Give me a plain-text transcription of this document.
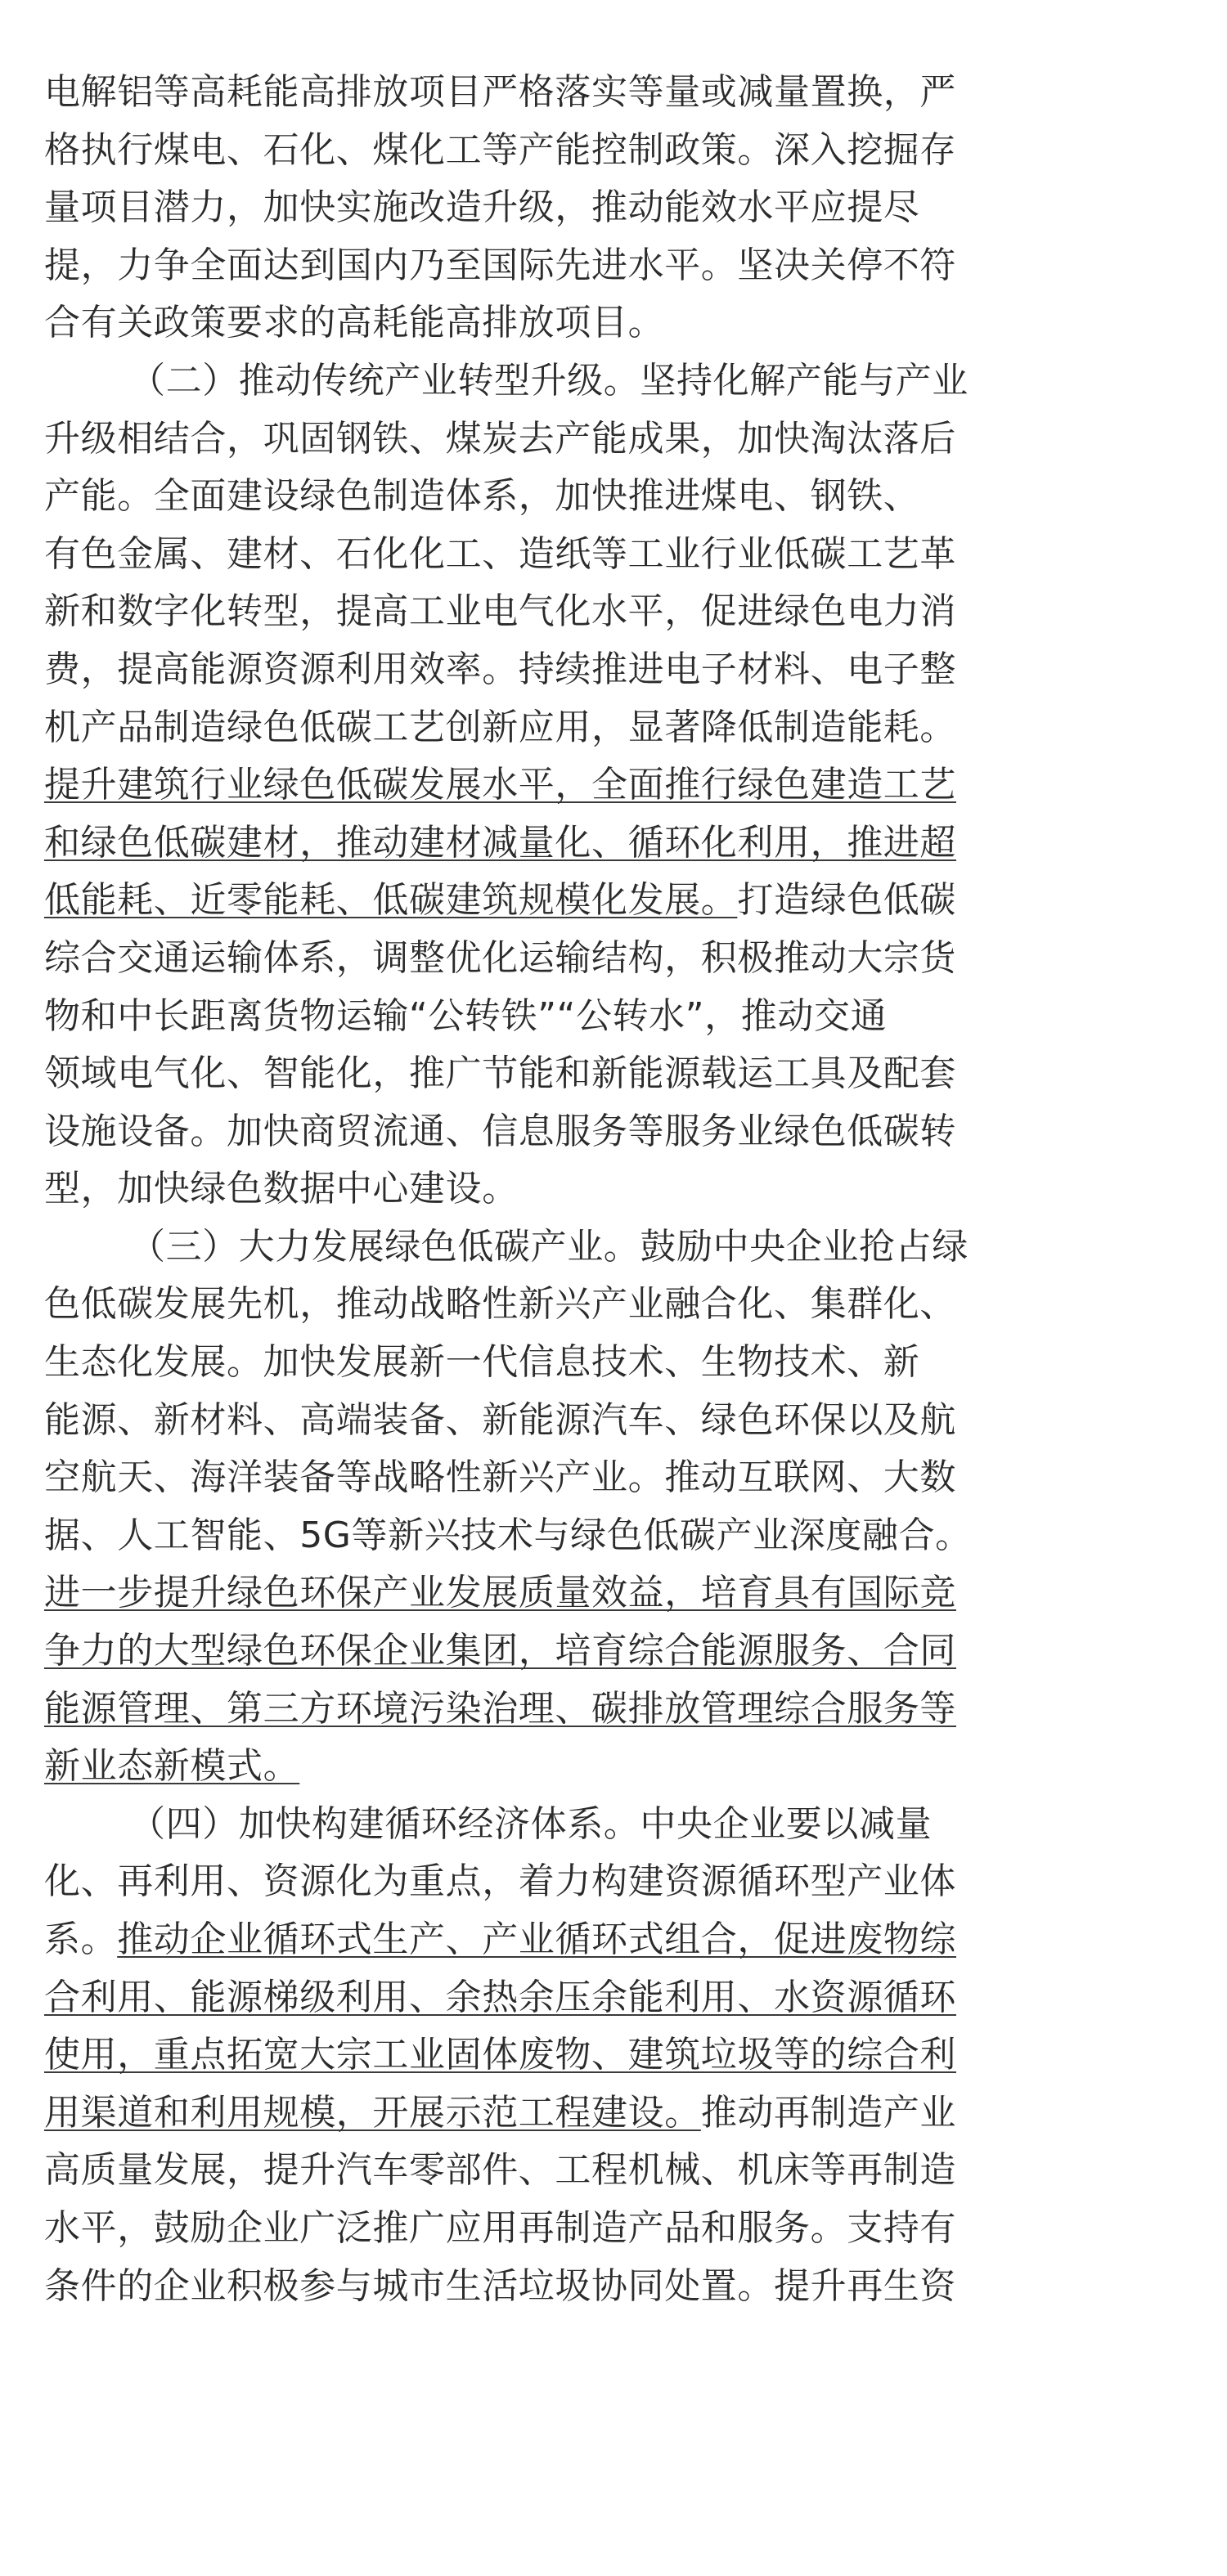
电解铝等高耗能高排放项目严格落实等量或减量置换，严
格执行煤电、石化、煤化工等产能控制政策。深入挖掘存
量项目潜力，加快实施改造升级，推动能效水平应提尽
提，力争全面达到国内乃至国际先进水平。坚决关停不符
合有关政策要求的高耗能高排放项目。
（二）推动传统产业转型升级。坚持化解产能与产业
升级相结合，巩固钢铁、煤炭去产能成果，加快淘汰落后
产能。全面建设绿色制造体系，加快推进煤电、钢铁、
有色金属、建材、石化化工、造纸等工业行业低碳工艺革
新和数字化转型，提高工业电气化水平，促进绿色电力消
费，提高能源资源利用效率。持续推进电子材料、电子整
机产品制造绿色低碳工艺创新应用，显著降低制造能耗。
提升建筑行业绿色低碳发展水平，全面推行绿色建造工艺
和绿色低碳建材，推动建材减量化、循环化利用，推进超
低能耗、近零能耗、低碳建筑规模化发展。打造绿色低碳
综合交通运输体系，调整优化运输结构，积极推动大宗货
物和中长距离货物运输“公转铁”“公转水”，推动交通
领域电气化、智能化，推广节能和新能源载运工具及配套
设施设备。加快商贸流通、信息服务等服务业绿色低碳转
型，加快绿色数据中心建设。
（三）大力发展绿色低碳产业。鼓励中央企业抢占绿
色低碳发展先机，推动战略性新兴产业融合化、集群化、
生态化发展。加快发展新一代信息技术、生物技术、新
能源、新材料、高端装备、新能源汽车、绿色环保以及航
空航天、海洋装备等战略性新兴产业。推动互联网、大数
据、人工智能、5G等新兴技术与绿色低碳产业深度融合。
进一步提升绿色环保产业发展质量效益，培育具有国际竞
争力的大型绿色环保企业集团，培育综合能源服务、合同
能源管理、第三方环境污染治理、碳排放管理综合服务等
新业态新模式。
（四）加快构建循环经济体系。中央企业要以减量
化、再利用、资源化为重点，着力构建资源循环型产业体
系。推动企业循环式生产、产业循环式组合，促进废物综
合利用、能源梯级利用、余热余压余能利用、水资源循环
使用，重点拓宽大宗工业固体废物、建筑垃圾等的综合利
用渠道和利用规模，开展示范工程建设。推动再制造产业
高质量发展，提升汽车零部件、工程机械、机床等再制造
水平，鼓励企业广泛推广应用再制造产品和服务。支持有
条件的企业积极参与城市生活垃圾协同处置。提升再生资
